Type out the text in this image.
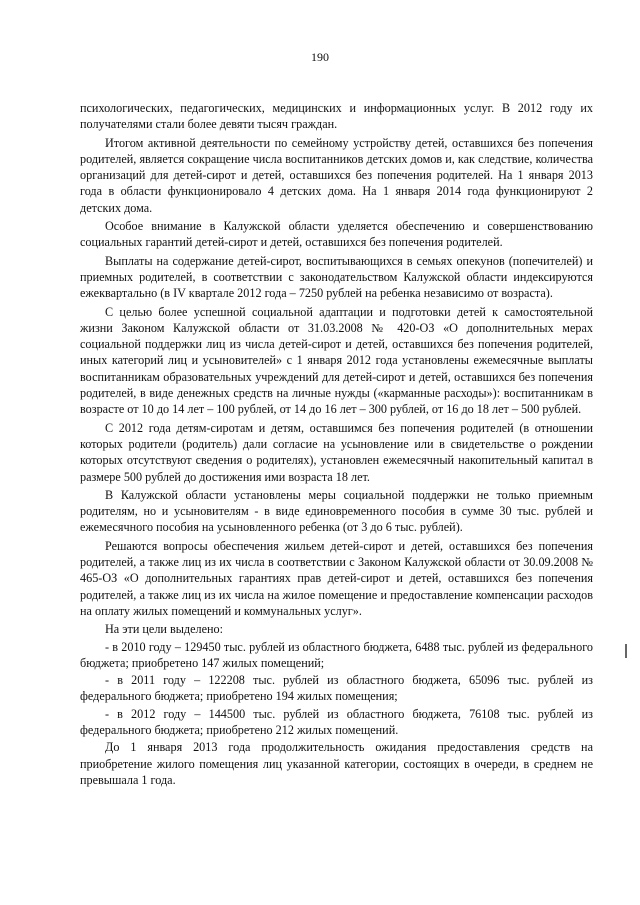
190

психологических, педагогических, медицинских и информационных услуг. В 2012 году их получателями стали более девяти тысяч граждан.

Итогом активной деятельности по семейному устройству детей, оставшихся без попечения родителей, является сокращение числа воспитанников детских домов и, как следствие, количества организаций для детей-сирот и детей, оставшихся без попечения родителей. На 1 января 2013 года в области функционировало 4 детских дома. На 1 января 2014 года функционируют 2 детских дома.

Особое внимание в Калужской области уделяется обеспечению и совершенствованию социальных гарантий детей-сирот и детей, оставшихся без попечения родителей.

Выплаты на содержание детей-сирот, воспитывающихся в семьях опекунов (попечителей) и приемных родителей, в соответствии с законодательством Калужской области индексируются ежеквартально (в IV квартале 2012 года – 7250 рублей на ребенка независимо от возраста).

С целью более успешной социальной адаптации и подготовки детей к самостоятельной жизни Законом Калужской области от 31.03.2008 № 420-ОЗ «О дополнительных мерах социальной поддержки лиц из числа детей-сирот и детей, оставшихся без попечения родителей, иных категорий лиц и усыновителей» с 1 января 2012 года установлены ежемесячные выплаты воспитанникам образовательных учреждений для детей-сирот и детей, оставшихся без попечения родителей, в виде денежных средств на личные нужды («карманные расходы»): воспитанникам в возрасте от 10 до 14 лет – 100 рублей, от 14 до 16 лет – 300 рублей, от 16 до 18 лет – 500 рублей.

С 2012 года детям-сиротам и детям, оставшимся без попечения родителей (в отношении которых родители (родитель) дали согласие на усыновление или в свидетельстве о рождении которых отсутствуют сведения о родителях), установлен ежемесячный накопительный капитал в размере 500 рублей до достижения ими возраста 18 лет.

В Калужской области установлены меры социальной поддержки не только приемным родителям, но и усыновителям - в виде единовременного пособия в сумме 30 тыс. рублей и ежемесячного пособия на усыновленного ребенка (от 3 до 6 тыс. рублей).

Решаются вопросы обеспечения жильем детей-сирот и детей, оставшихся без попечения родителей, а также лиц из их числа в соответствии с Законом Калужской области от 30.09.2008 № 465-ОЗ «О дополнительных гарантиях прав детей-сирот и детей, оставшихся без попечения родителей, а также лиц из их числа на жилое помещение и предоставление компенсации расходов на оплату жилых помещений и коммунальных услуг».

На эти цели выделено:

- в 2010 году – 129450 тыс. рублей из областного бюджета, 6488 тыс. рублей из федерального бюджета; приобретено 147 жилых помещений;

- в 2011 году – 122208 тыс. рублей из областного бюджета, 65096 тыс. рублей из федерального бюджета; приобретено 194 жилых помещения;

- в 2012 году – 144500 тыс. рублей из областного бюджета, 76108 тыс. рублей из федерального бюджета; приобретено 212 жилых помещений.

До 1 января 2013 года продолжительность ожидания предоставления средств на приобретение жилого помещения лиц указанной категории, состоящих в очереди, в среднем не превышала 1 года.
